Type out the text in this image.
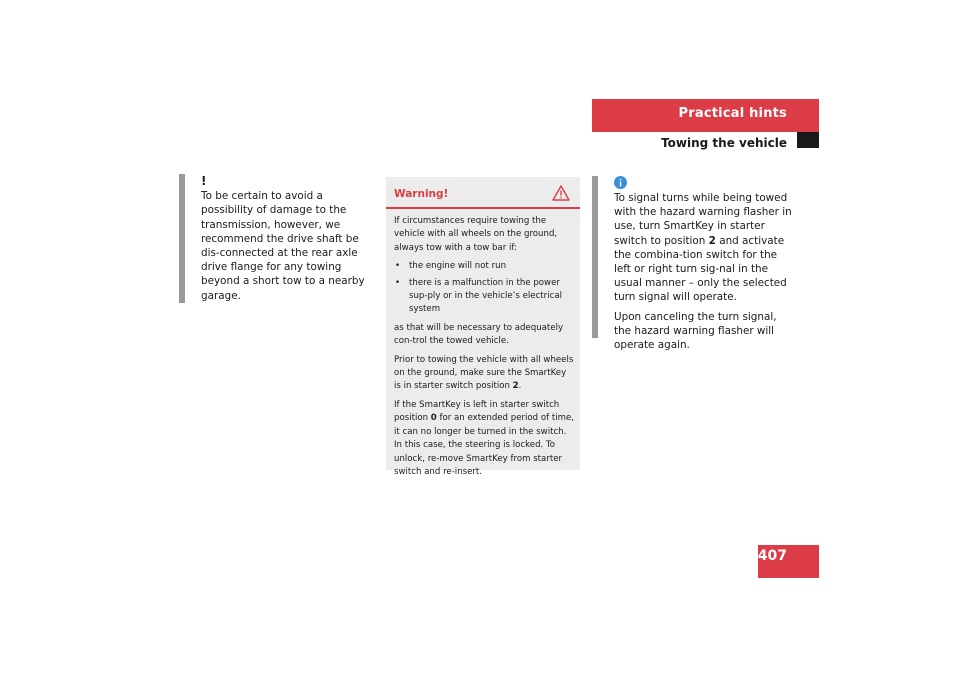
Practical hints
Towing the vehicle
!
To be certain to avoid a possibility of damage to the transmission, however, we recommend the drive shaft be dis-connected at the rear axle drive flange for any towing beyond a short tow to a nearby garage.
Warning!

If circumstances require towing the vehicle with all wheels on the ground, always tow with a tow bar if:

• the engine will not run
• there is a malfunction in the power sup-ply or in the vehicle’s electrical system

as that will be necessary to adequately con-trol the towed vehicle.

Prior to towing the vehicle with all wheels on the ground, make sure the SmartKey is in starter switch position 2.

If the SmartKey is left in starter switch position 0 for an extended period of time, it can no longer be turned in the switch. In this case, the steering is locked. To unlock, re-move SmartKey from starter switch and re-insert.

To signal turns while being towed with the hazard warning flasher in use, turn SmartKey in starter switch to position 2 and activate the combina-tion switch for the left or right turn sig-nal in the usual manner – only the selected turn signal will operate.

Upon canceling the turn signal, the hazard warning flasher will operate again.

407
